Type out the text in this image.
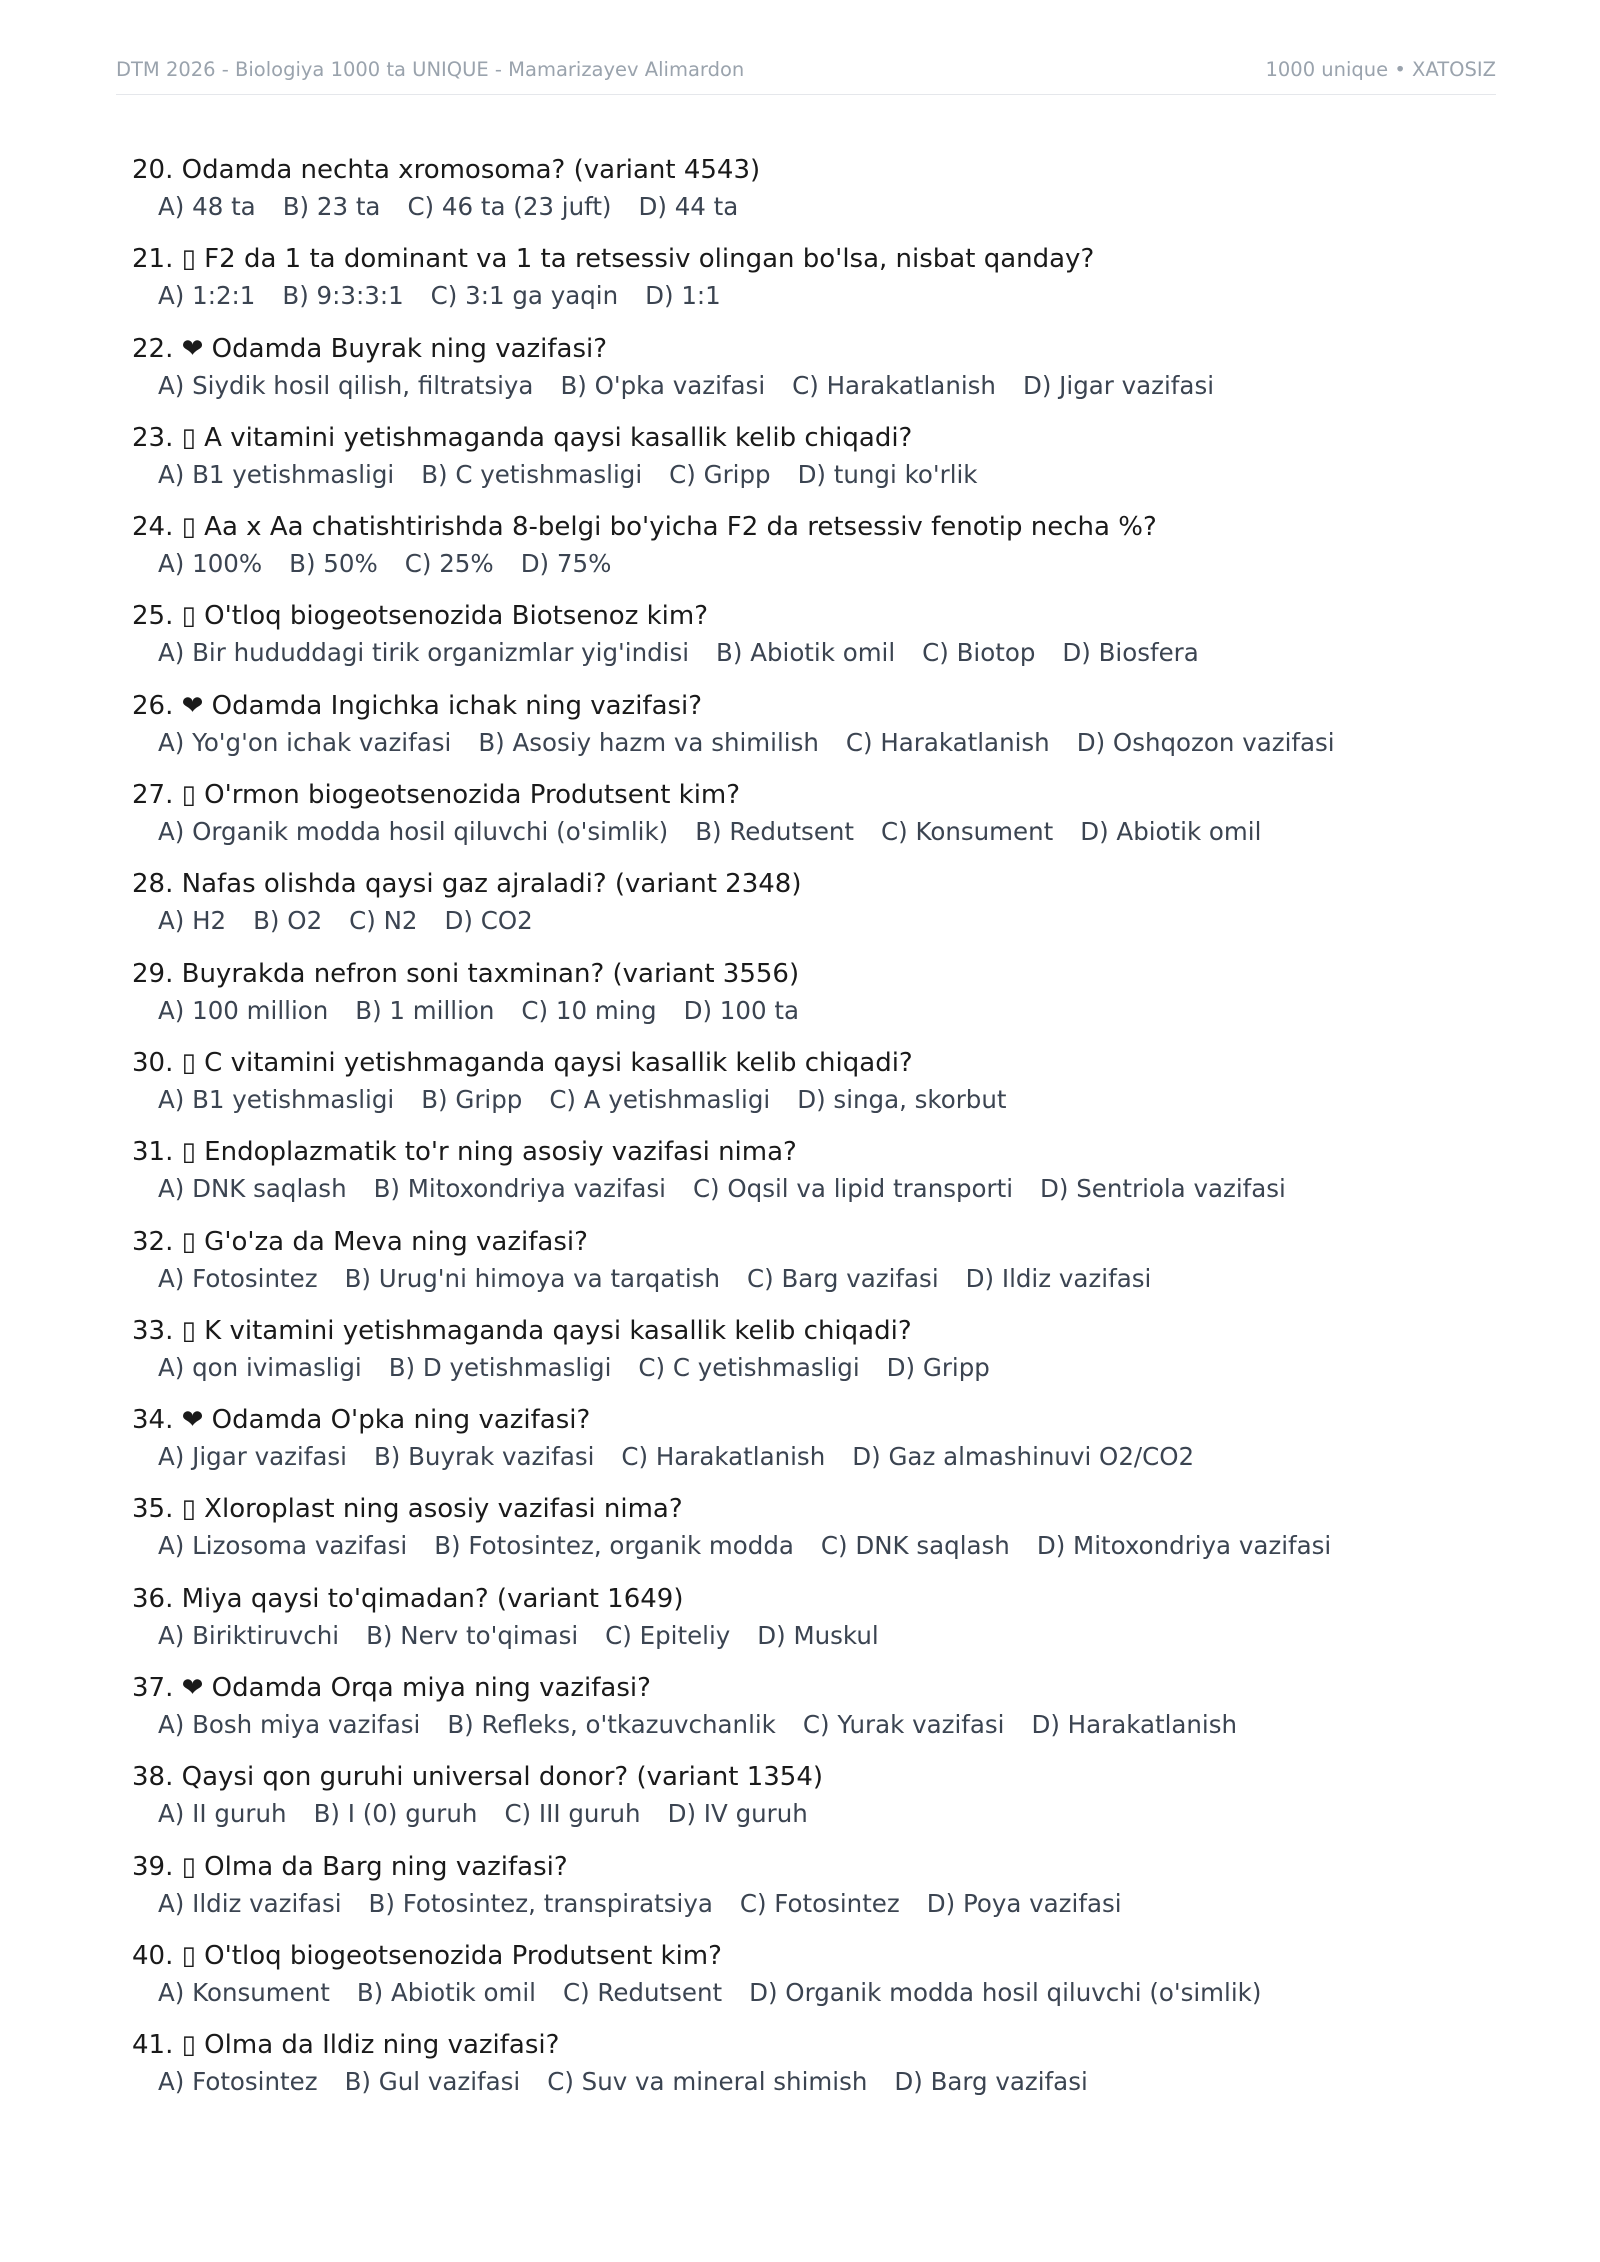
DTM 2026 - Biologiya 1000 ta UNIQUE - Mamarizayev Alimardon	1000 unique • XATOSIZ
20. Odamda nechta xromosoma? (variant 4543)
A) 48 ta B) 23 ta C) 46 ta (23 juft) D) 44 ta
21. ▯ F2 da 1 ta dominant va 1 ta retsessiv olingan bo'lsa, nisbat qanday?
A) 1:2:1 B) 9:3:3:1 C) 3:1 ga yaqin D) 1:1
22. ❤ Odamda Buyrak ning vazifasi?
A) Siydik hosil qilish, filtratsiya B) O'pka vazifasi C) Harakatlanish D) Jigar vazifasi
23. ▯ A vitamini yetishmaganda qaysi kasallik kelib chiqadi?
A) B1 yetishmasligi B) C yetishmasligi C) Gripp D) tungi ko'rlik
24. ▯ Aa x Aa chatishtirishda 8-belgi bo'yicha F2 da retsessiv fenotip necha %?
A) 100% B) 50% C) 25% D) 75%
25. ▯ O'tloq biogeotsenozida Biotsenoz kim?
A) Bir hududdagi tirik organizmlar yig'indisi B) Abiotik omil C) Biotop D) Biosfera
26. ❤ Odamda Ingichka ichak ning vazifasi?
A) Yo'g'on ichak vazifasi B) Asosiy hazm va shimilish C) Harakatlanish D) Oshqozon vazifasi
27. ▯ O'rmon biogeotsenozida Produtsent kim?
A) Organik modda hosil qiluvchi (o'simlik) B) Redutsent C) Konsument D) Abiotik omil
28. Nafas olishda qaysi gaz ajraladi? (variant 2348)
A) H2 B) O2 C) N2 D) CO2
29. Buyrakda nefron soni taxminan? (variant 3556)
A) 100 million B) 1 million C) 10 ming D) 100 ta
30. ▯ C vitamini yetishmaganda qaysi kasallik kelib chiqadi?
A) B1 yetishmasligi B) Gripp C) A yetishmasligi D) singa, skorbut
31. ▯ Endoplazmatik to'r ning asosiy vazifasi nima?
A) DNK saqlash B) Mitoxondriya vazifasi C) Oqsil va lipid transporti D) Sentriola vazifasi
32. ▯ G'o'za da Meva ning vazifasi?
A) Fotosintez B) Urug'ni himoya va tarqatish C) Barg vazifasi D) Ildiz vazifasi
33. ▯ K vitamini yetishmaganda qaysi kasallik kelib chiqadi?
A) qon ivimasligi B) D yetishmasligi C) C yetishmasligi D) Gripp
34. ❤ Odamda O'pka ning vazifasi?
A) Jigar vazifasi B) Buyrak vazifasi C) Harakatlanish D) Gaz almashinuvi O2/CO2
35. ▯ Xloroplast ning asosiy vazifasi nima?
A) Lizosoma vazifasi B) Fotosintez, organik modda C) DNK saqlash D) Mitoxondriya vazifasi
36. Miya qaysi to'qimadan? (variant 1649)
A) Biriktiruvchi B) Nerv to'qimasi C) Epiteliy D) Muskul
37. ❤ Odamda Orqa miya ning vazifasi?
A) Bosh miya vazifasi B) Refleks, o'tkazuvchanlik C) Yurak vazifasi D) Harakatlanish
38. Qaysi qon guruhi universal donor? (variant 1354)
A) II guruh B) I (0) guruh C) III guruh D) IV guruh
39. ▯ Olma da Barg ning vazifasi?
A) Ildiz vazifasi B) Fotosintez, transpiratsiya C) Fotosintez D) Poya vazifasi
40. ▯ O'tloq biogeotsenozida Produtsent kim?
A) Konsument B) Abiotik omil C) Redutsent D) Organik modda hosil qiluvchi (o'simlik)
41. ▯ Olma da Ildiz ning vazifasi?
A) Fotosintez B) Gul vazifasi C) Suv va mineral shimish D) Barg vazifasi
